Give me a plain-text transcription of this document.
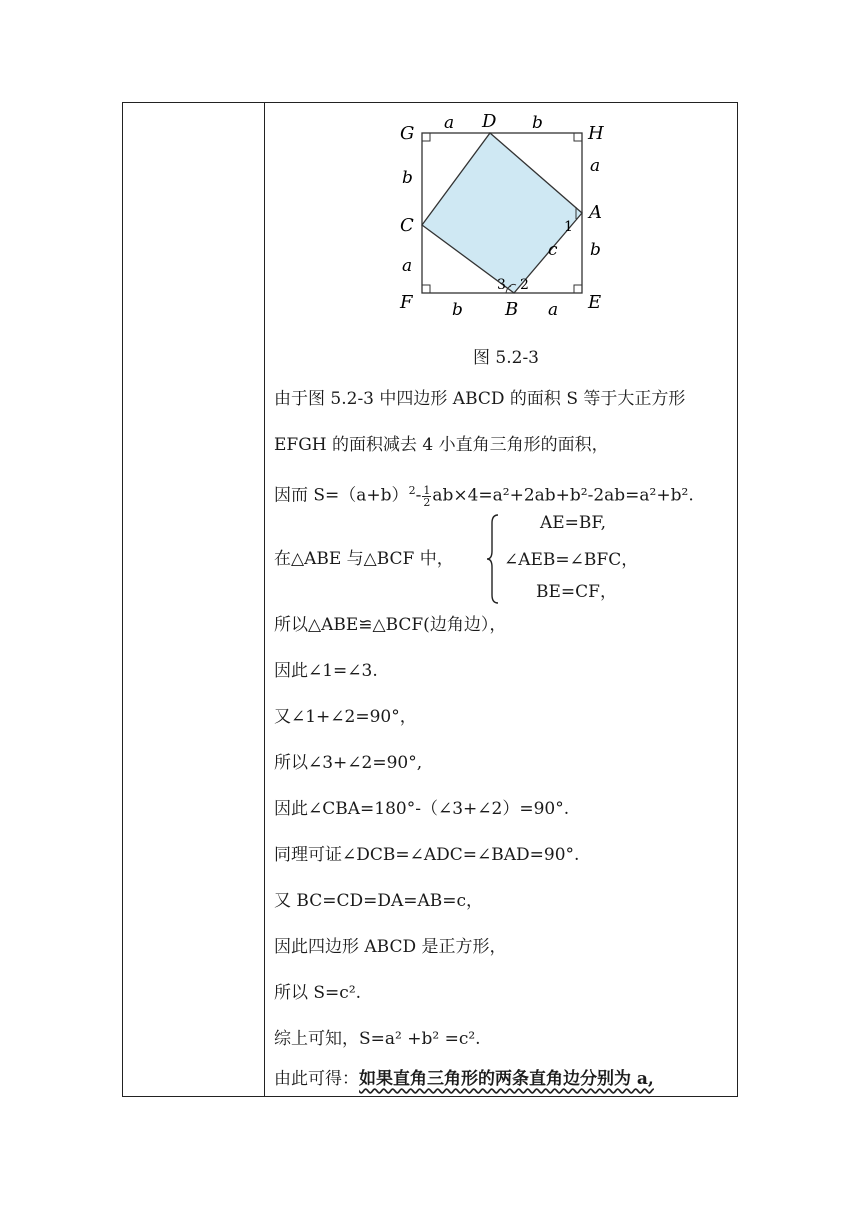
G
D
H
A
C
F	B	E
a	b
b
a
a
b
b	a
c
1
2
3
图 5.2-3
由于图 5.2-3 中四边形 ABCD 的面积 S 等于大正方形
EFGH 的面积减去 4 小直角三角形的面积，
因而 $S=(a+b)^2- \frac{1}{2} ab\times 4=a^2+2ab+b^2-2ab=a^2+b^2$.
在△ABE 与△BCF 中，
AE=BF,
∠AEB=∠BFC，
BE=CF，
所以△ABE≌△BCF(边角边），
因此∠1=∠3.
又∠1+∠2=90°，
所以∠3+∠2=90°,
因此∠CBA=180°-（∠3+∠2）=90°.
同理可证∠DCB=∠ADC=∠BAD=90°.
又 BC=CD=DA=AB=c，
因此四边形 ABCD 是正方形，
所以 S=c².
综上可知，S=a² +b² =c².
由此可得：如果直角三角形的两条直角边分别为 a,
